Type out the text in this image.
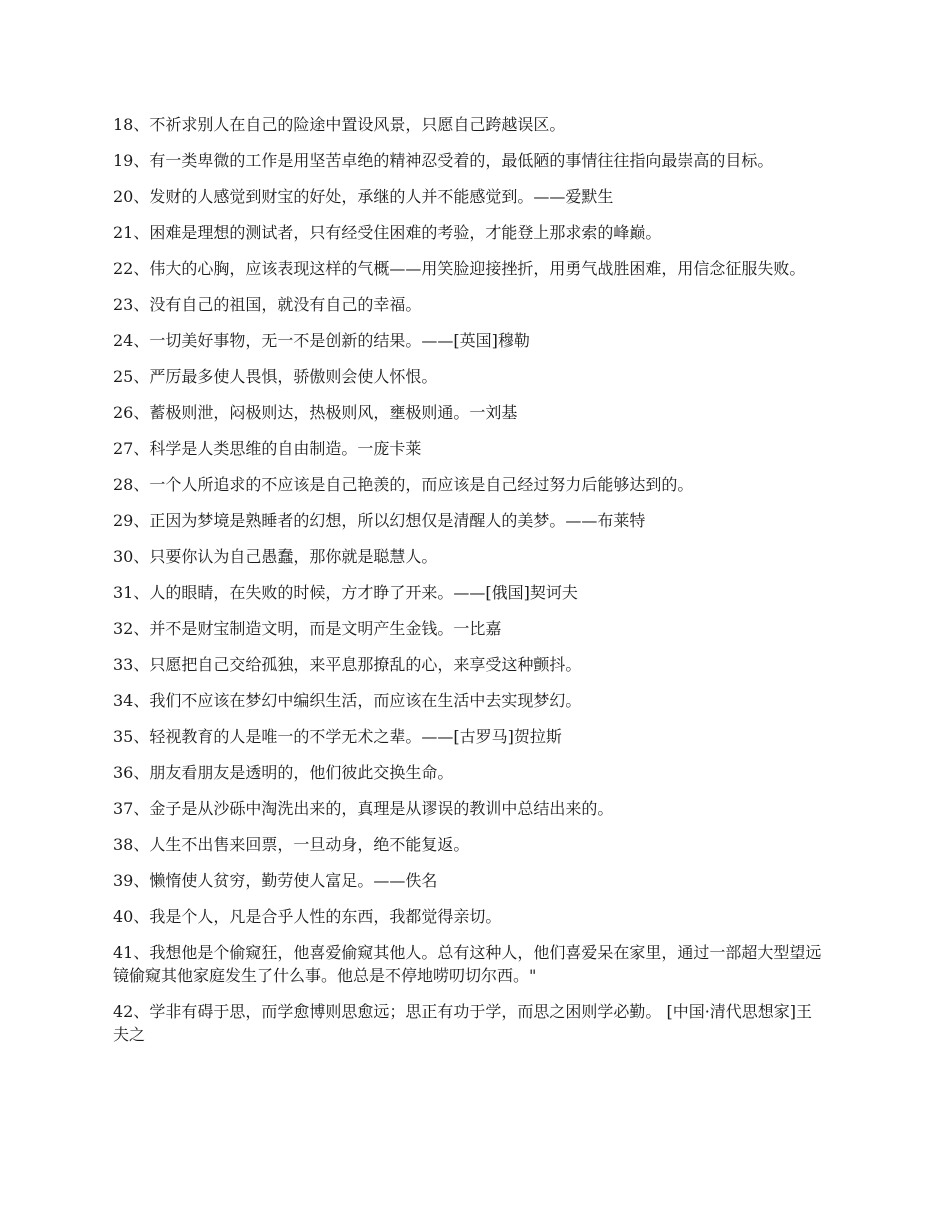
18、不祈求别人在自己的险途中置设风景，只愿自己跨越误区。

19、有一类卑微的工作是用坚苦卓绝的精神忍受着的，最低陋的事情往往指向最崇高的目标。

20、发财的人感觉到财宝的好处，承继的人并不能感觉到。——爱默生

21、困难是理想的测试者，只有经受住困难的考验，才能登上那求索的峰巅。

22、伟大的心胸，应该表现这样的气概——用笑脸迎接挫折，用勇气战胜困难，用信念征服失败。

23、没有自己的祖国，就没有自己的幸福。

24、一切美好事物，无一不是创新的结果。——[英国]穆勒

25、严厉最多使人畏惧，骄傲则会使人怀恨。

26、蓄极则泄，闷极则达，热极则风，壅极则通。一刘基

27、科学是人类思维的自由制造。一庞卡莱

28、一个人所追求的不应该是自己艳羡的，而应该是自己经过努力后能够达到的。

29、正因为梦境是熟睡者的幻想，所以幻想仅是清醒人的美梦。——布莱特

30、只要你认为自己愚蠢，那你就是聪慧人。

31、人的眼睛，在失败的时候，方才睁了开来。——[俄国]契诃夫

32、并不是财宝制造文明，而是文明产生金钱。一比嘉

33、只愿把自己交给孤独，来平息那撩乱的心，来享受这种颤抖。

34、我们不应该在梦幻中编织生活，而应该在生活中去实现梦幻。

35、轻视教育的人是唯一的不学无术之辈。——[古罗马]贺拉斯

36、朋友看朋友是透明的，他们彼此交换生命。

37、金子是从沙砾中淘洗出来的，真理是从谬误的教训中总结出来的。

38、人生不出售来回票，一旦动身，绝不能复返。

39、懒惰使人贫穷，勤劳使人富足。——佚名

40、我是个人，凡是合乎人性的东西，我都觉得亲切。

41、我想他是个偷窥狂，他喜爱偷窥其他人。总有这种人，他们喜爱呆在家里，通过一部超大型望远镜偷窥其他家庭发生了什么事。他总是不停地唠叨切尔西。"

42、学非有碍于思，而学愈博则思愈远；思正有功于学，而思之困则学必勤。 [中国·清代思想家]王夫之
